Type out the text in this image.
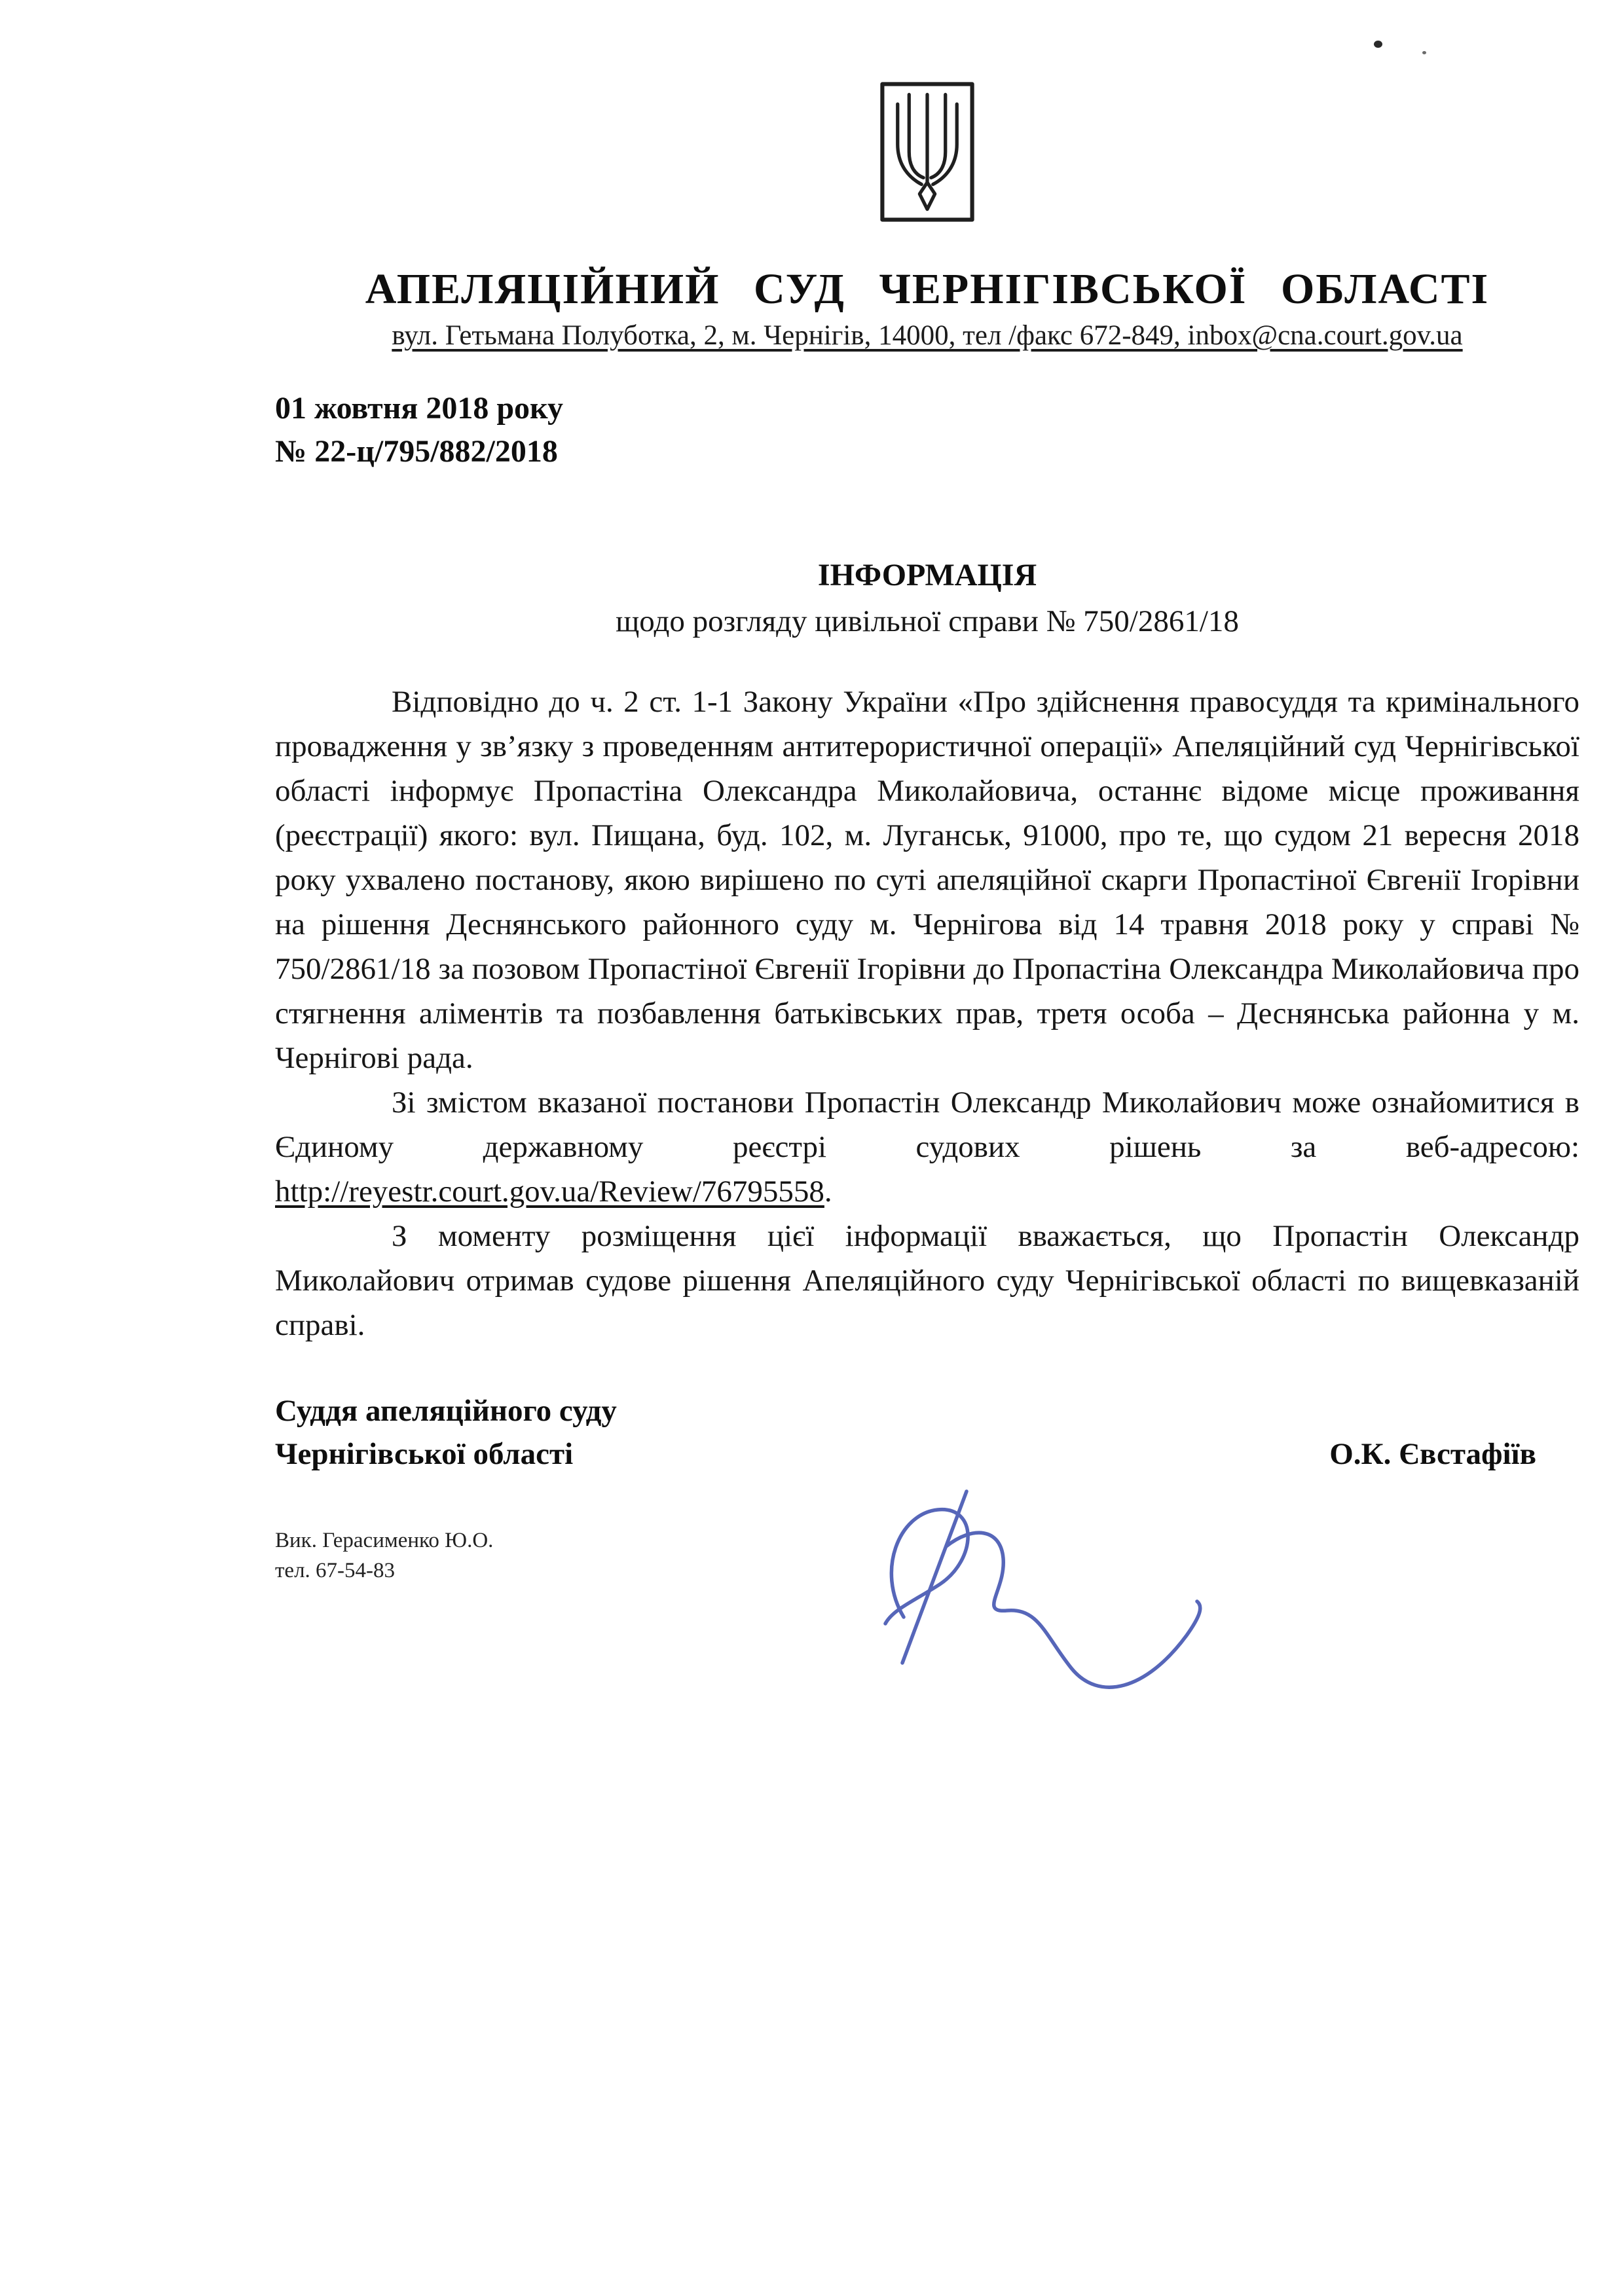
АПЕЛЯЦІЙНИЙ СУД ЧЕРНІГІВСЬКОЇ ОБЛАСТІ
вул. Гетьмана Полуботка, 2, м. Чернігів, 14000, тел /факс 672-849, inbox@cna.court.gov.ua
01 жовтня 2018 року
№ 22-ц/795/882/2018
ІНФОРМАЦІЯ
щодо розгляду цивільної справи № 750/2861/18

Відповідно до ч. 2 ст. 1-1 Закону України «Про здійснення правосуддя та кримінального провадження у зв’язку з проведенням антитерористичної операції» Апеляційний суд Чернігівської області інформує Пропастіна Олександра Миколайовича, останнє відоме місце проживання (реєстрації) якого: вул. Пищана, буд. 102, м. Луганськ, 91000, про те, що судом 21 вересня 2018 року ухвалено постанову, якою вирішено по суті апеляційної скарги Пропастіної Євгенії Ігорівни на рішення Деснянського районного суду м. Чернігова від 14 травня 2018 року у справі № 750/2861/18 за позовом Пропастіної Євгенії Ігорівни до Пропастіна Олександра Миколайовича про стягнення аліментів та позбавлення батьківських прав, третя особа – Деснянська районна у м. Чернігові рада.

Зі змістом вказаної постанови Пропастін Олександр Миколайович може ознайомитися в Єдиному державному реєстрі судових рішень за веб-адресою: http://reyestr.court.gov.ua/Review/76795558.

З моменту розміщення цієї інформації вважається, що Пропастін Олександр Миколайович отримав судове рішення Апеляційного суду Чернігівської області по вищевказаній справі.

Суддя апеляційного суду
Чернігівської області	О.К. Євстафіїв
Вик. Герасименко Ю.О.
тел. 67-54-83
